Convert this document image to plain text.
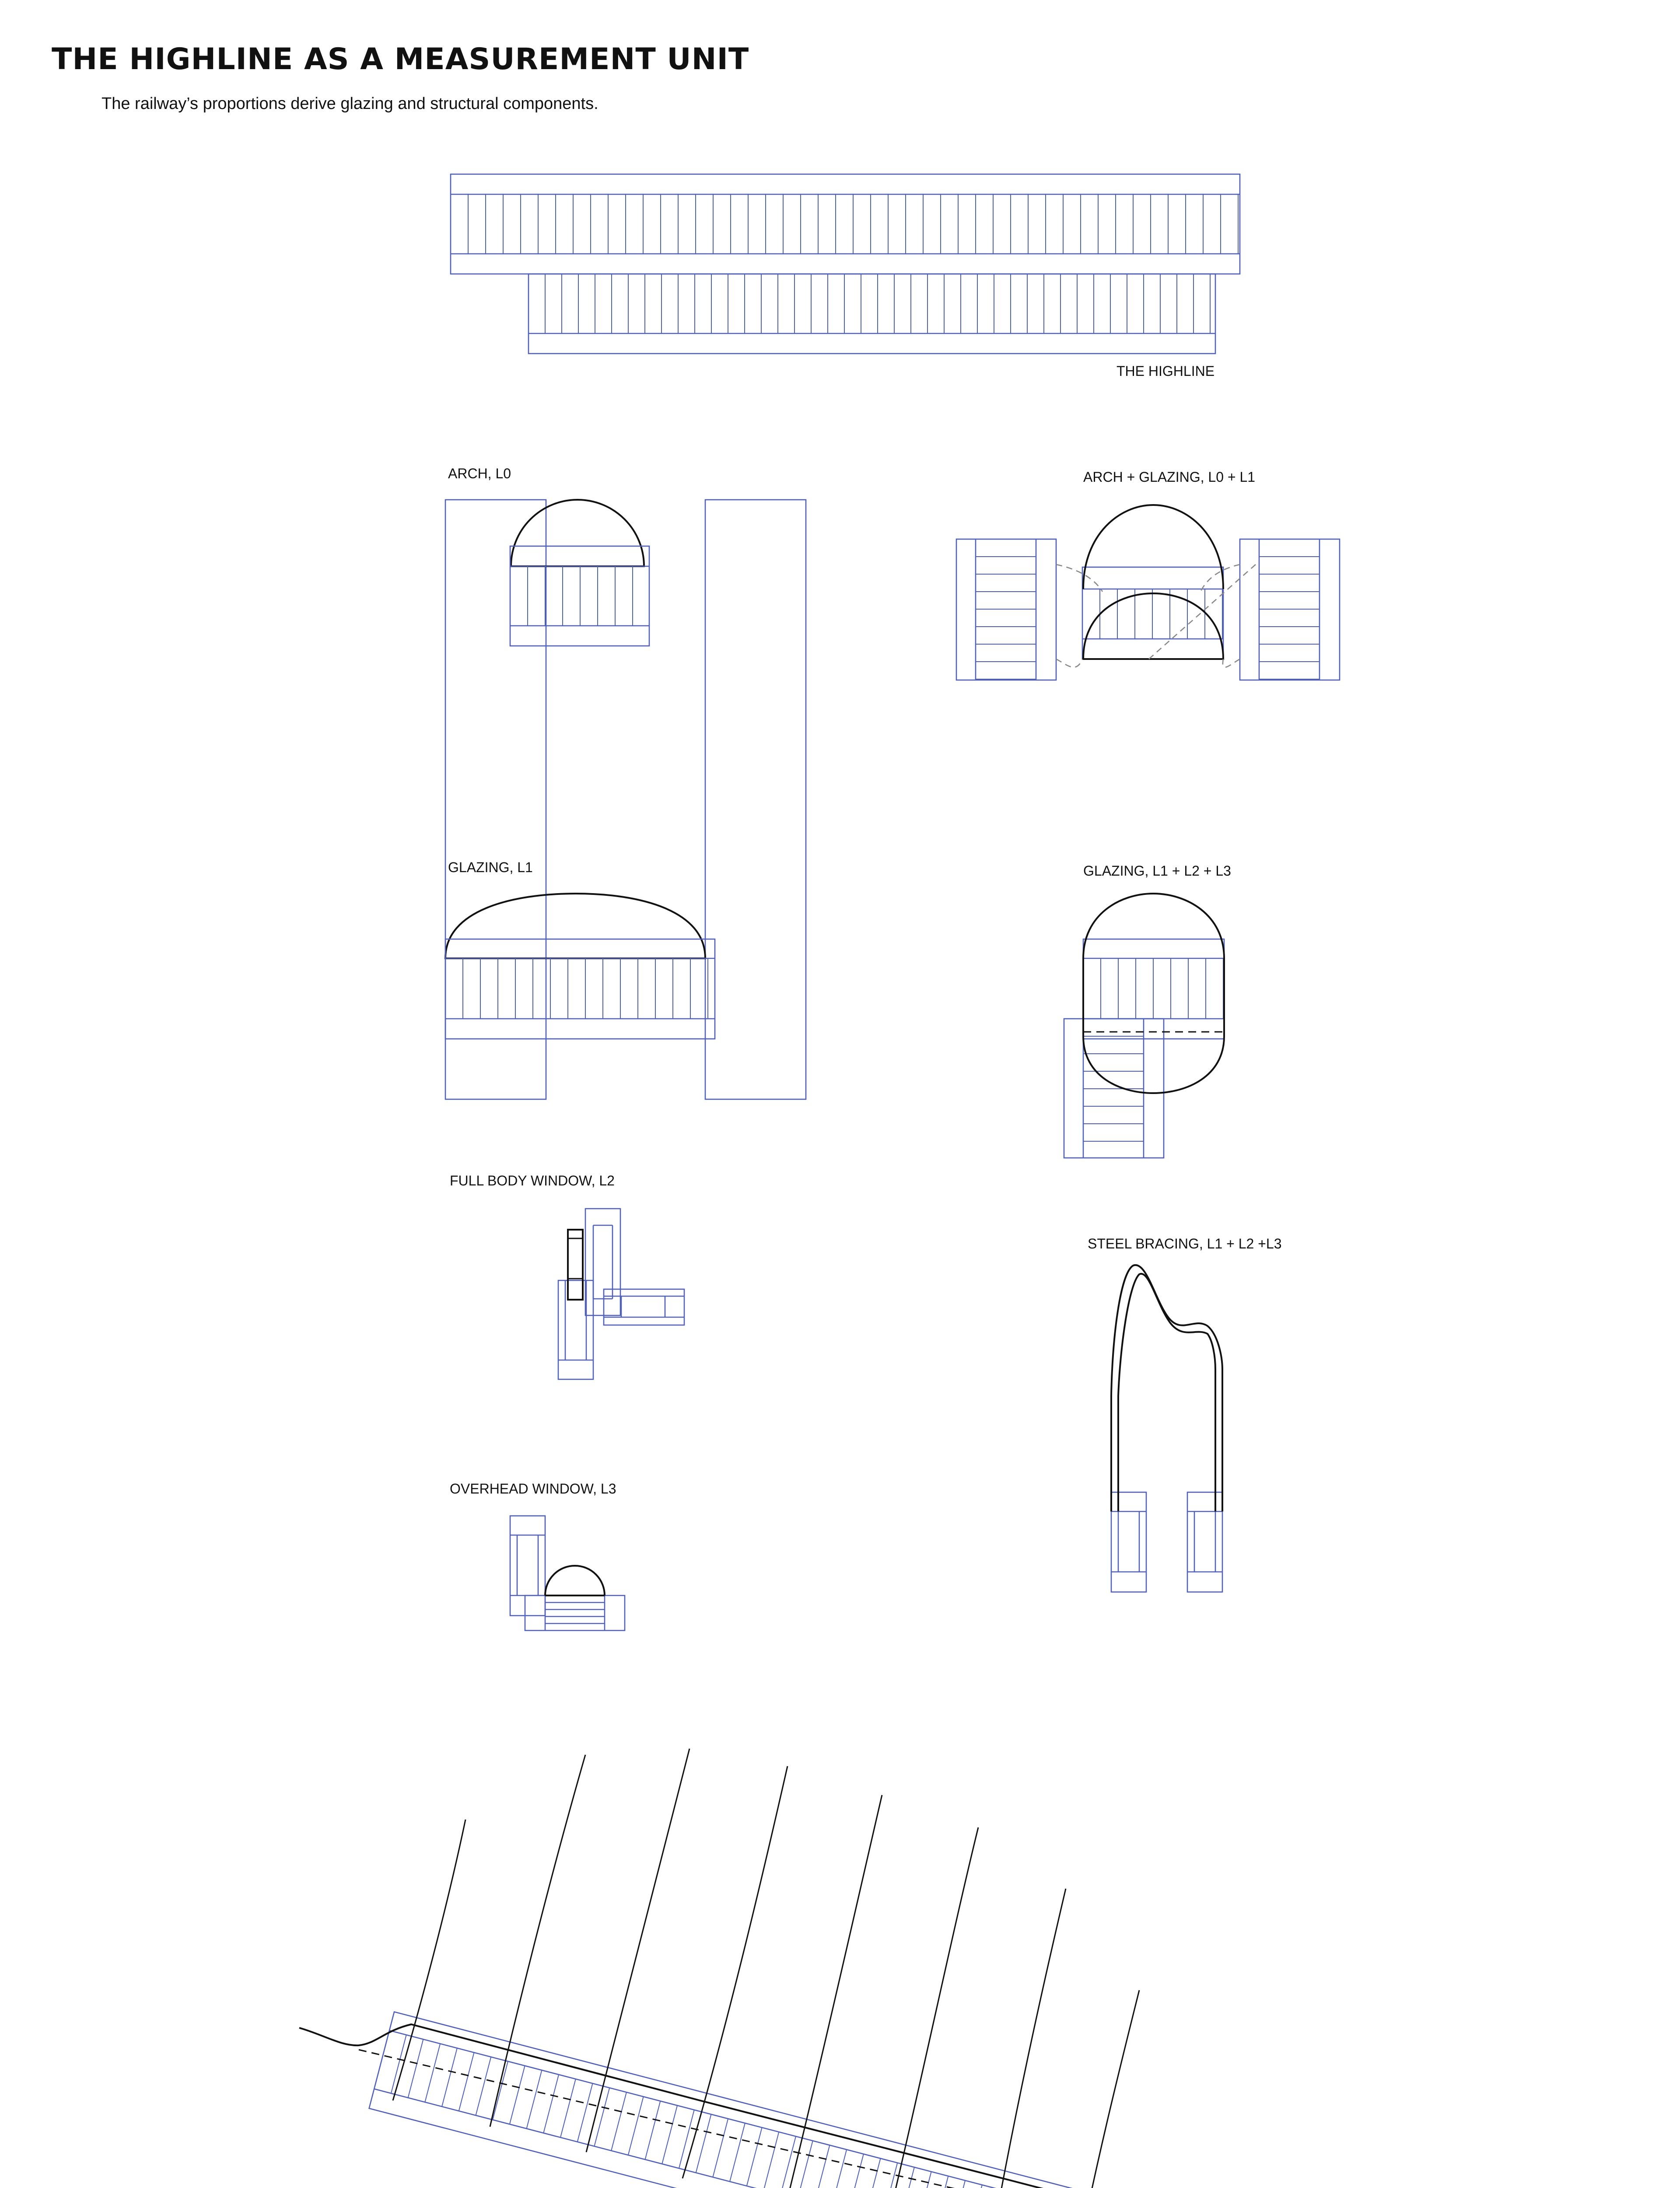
THE HIGHLINE AS A MEASUREMENT UNIT

The railway’s proportions derive glazing and structural components.

THE HIGHLINE
ARCH, L0	ARCH + GLAZING, L0 + L1
GLAZING, L1	GLAZING, L1 + L2 + L3
FULL BODY WINDOW, L2
STEEL BRACING, L1 + L2 +L3
OVERHEAD WINDOW, L3
